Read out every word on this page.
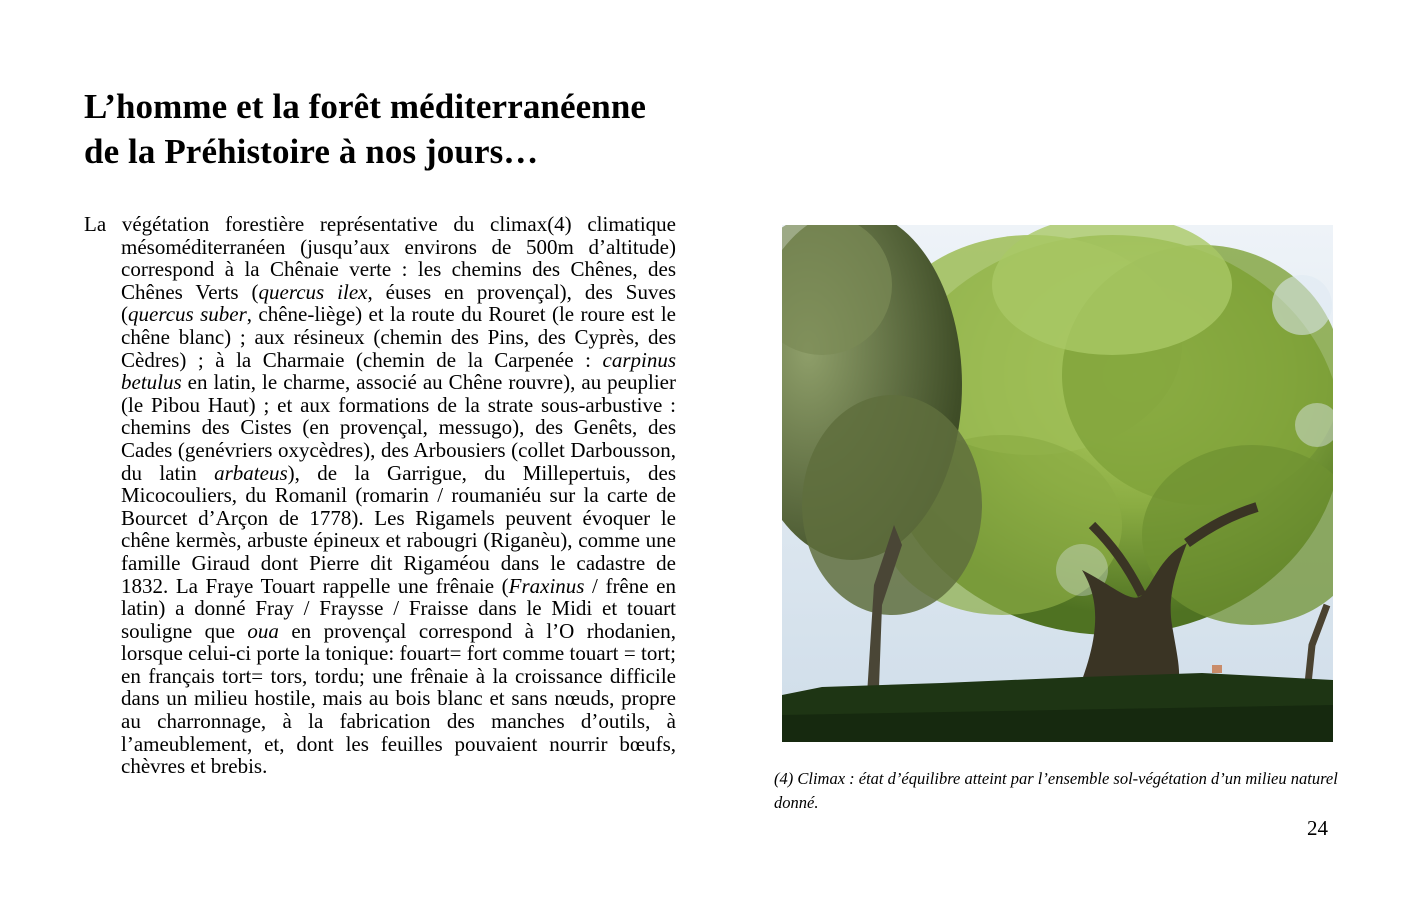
L’homme et la forêt méditerranéenne
de la Préhistoire à nos jours…

La végétation forestière représentative du climax(4) climatique mésoméditerranéen (jusqu’aux environs de 500m d’altitude) correspond à la Chênaie verte : les chemins des Chênes, des Chênes Verts (quercus ilex, éuses en provençal), des Suves (quercus suber, chêne-liège) et la route du Rouret (le roure est le chêne blanc) ; aux résineux (chemin des Pins, des Cyprès, des Cèdres) ; à la Charmaie (chemin de la Carpenée : carpinus betulus en latin, le charme, associé au Chêne rouvre), au peuplier (le Pibou Haut) ; et aux formations de la strate sous-arbustive : chemins des Cistes (en provençal, messugo), des Genêts, des Cades (genévriers oxycèdres), des Arbousiers (collet Darbousson, du latin arbateus), de la Garrigue, du Millepertuis, des Micocouliers, du Romanil (romarin / roumaniéu sur la carte de Bourcet d’Arçon de 1778). Les Rigamels peuvent évoquer le chêne kermès, arbuste épineux et rabougri (Riganèu), comme une famille Giraud dont Pierre dit Rigaméou dans le cadastre de 1832. La Fraye Touart rappelle une frênaie (Fraxinus / frêne en latin) a donné Fray / Fraysse / Fraisse dans le Midi et touart souligne que oua en provençal correspond à l’O rhodanien, lorsque celui-ci porte la tonique: fouart= fort comme touart = tort; en français tort= tors, tordu; une frênaie à la croissance difficile dans un milieu hostile, mais au bois blanc et sans nœuds, propre au charronnage, à la fabrication des manches d’outils, à l’ameublement, et, dont les feuilles pouvaient nourrir bœufs, chèvres et brebis.

(4) Climax : état d’équilibre atteint par l’ensemble sol-végétation d’un milieu naturel donné.

24
